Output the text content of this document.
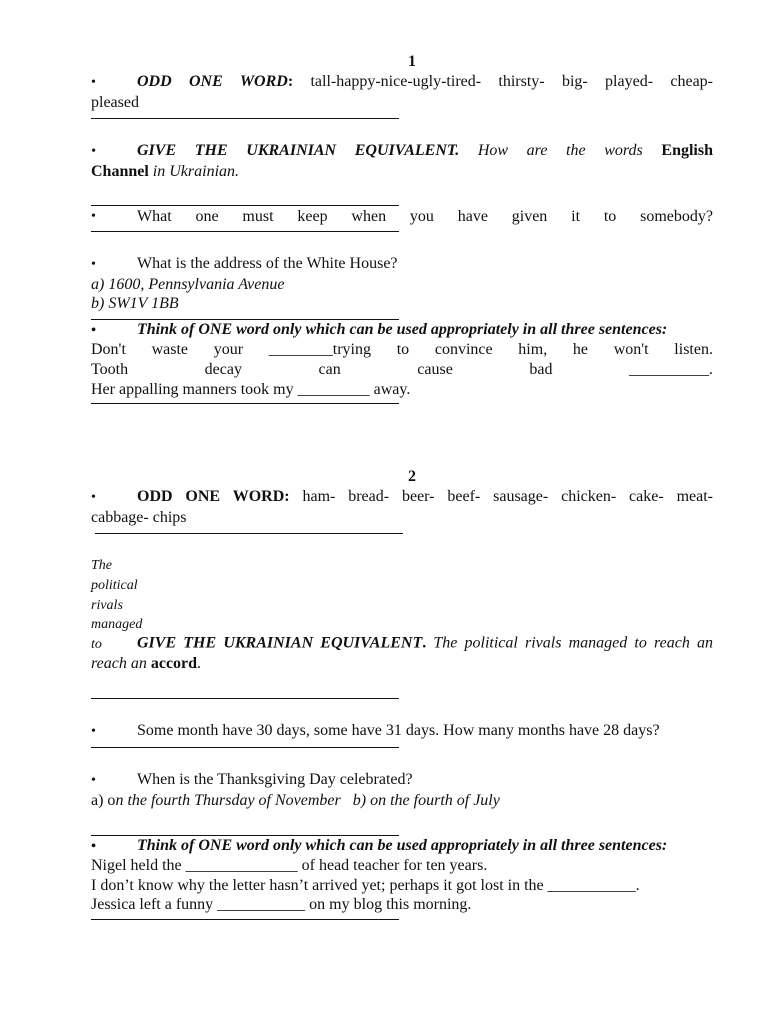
1
•	ODD ONE WORD: tall-happy-nice-ugly-tired- thirsty- big- played- cheap-
pleased
•	GIVE THE UKRAINIAN EQUIVALENT. How are the words English
Channel in Ukrainian.
•	What one must keep when you have given it to somebody?
•	What is the address of the White House?
a) 1600, Pennsylvania Avenue
b) SW1V 1BB
•	Think of ONE word only which can be used appropriately in all three sentences:
Don't waste your ________trying to convince him, he won't listen.
Tooth	decay	can	cause	bad	__________.
Her appalling manners took my _________ away.
2
•	ODD ONE WORD: ham- bread- beer- beef- sausage- chicken- cake- meat-
cabbage- chips
The political rivals managed to GIVE THE UKRAINIAN EQUIVALENT. The political rivals managed to reach an
reach an accord.
•	Some month have 30 days, some have 31 days. How many months have 28 days?
•	When is the Thanksgiving Day celebrated?
a) on the fourth Thursday of November b) on the fourth of July
•	Think of ONE word only which can be used appropriately in all three sentences:
Nigel held the ______________ of head teacher for ten years.
I don’t know why the letter hasn’t arrived yet; perhaps it got lost in the ___________.
Jessica left a funny ___________ on my blog this morning.
